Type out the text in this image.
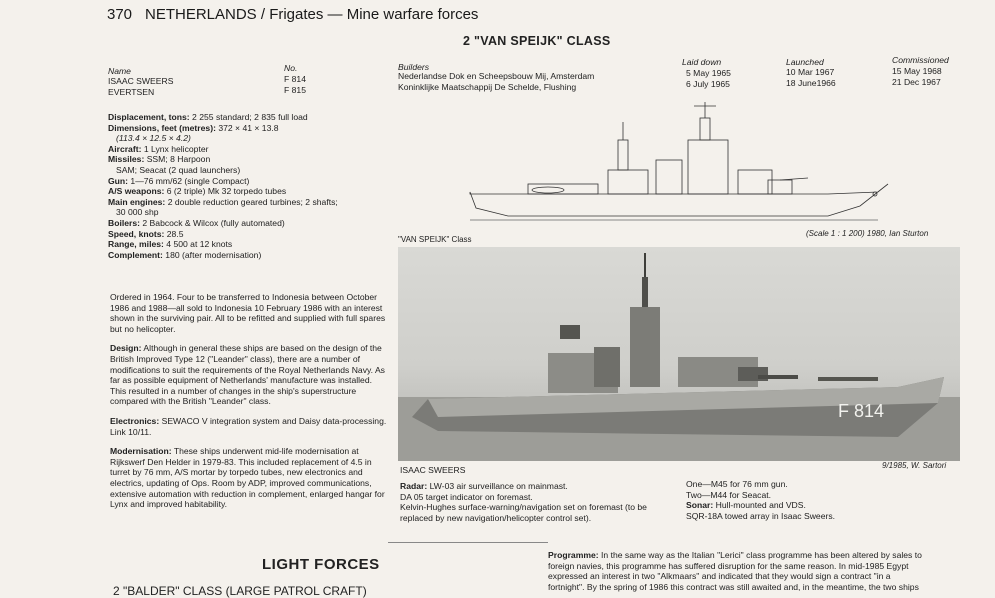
370 NETHERLANDS / Frigates — Mine warfare forces
2 "VAN SPEIJK" CLASS
Name	No.	Builders	Laid down	Launched	Commissioned
ISAAC SWEERS	F 814	Nederlandse Dok en Scheepsbouw Mij, Amsterdam	5 May 1965	10 Mar 1967	15 May 1968
EVERTSEN	F 815	Koninklijke Maatschappij De Schelde, Flushing	6 July 1965	18 June1966	21 Dec 1967
Displacement, tons: 2 255 standard; 2 835 full load
Dimensions, feet (metres): 372 × 41 × 13.8
(113.4 × 12.5 × 4.2)
Aircraft: 1 Lynx helicopter
Missiles: SSM; 8 Harpoon
SAM; Seacat (2 quad launchers)
Gun: 1—76 mm/62 (single Compact)
A/S weapons: 6 (2 triple) Mk 32 torpedo tubes
Main engines: 2 double reduction geared turbines; 2 shafts;
30 000 shp
Boilers: 2 Babcock & Wilcox (fully automated)
Speed, knots: 28.5
Range, miles: 4 500 at 12 knots
Complement: 180 (after modernisation)

Ordered in 1964. Four to be transferred to Indonesia between October 1986 and 1988—all sold to Indonesia 10 February 1986 with an interest shown in the surviving pair. All to be refitted and supplied with full spares but no helicopter.

Design: Although in general these ships are based on the design of the British Improved Type 12 ("Leander" class), there are a number of modifications to suit the requirements of the Royal Netherlands Navy. As far as possible equipment of Netherlands' manufacture was installed. This resulted in a number of changes in the ship's superstructure compared with the British "Leander" class.

Electronics: SEWACO V integration system and Daisy data-processing. Link 10/11.

Modernisation: These ships underwent mid-life modernisation at Rijkswerf Den Helder in 1979-83. This included replacement of 4.5 in turret by 76 mm, A/S mortar by torpedo tubes, new electronics and electrics, updating of Ops. Room by ADP, improved communications, extensive automation with reduction in complement, enlarged hangar for Lynx and improved habitability.

"VAN SPEIJK" Class
(Scale 1 : 1 200) 1980, Ian Sturton
F 814
ISAAC SWEERS	9/1985, W. Sartori
Radar: LW-03 air surveillance on mainmast.
DA 05 target indicator on foremast.
Kelvin-Hughes surface-warning/navigation set on foremast (to be
replaced by new navigation/helicopter control set).
One—M45 for 76 mm gun.
Two—M44 for Seacat.
Sonar: Hull-mounted and VDS.
SQR-18A towed array in Isaac Sweers.
LIGHT FORCES
2 "BALDER" CLASS (LARGE PATROL CRAFT)
Programme: In the same way as the Italian "Lerici" class programme has been altered by sales to
foreign navies, this programme has suffered disruption for the same reason. In mid-1985 Egypt
expressed an interest in two "Alkmaars" and indicated that they would sign a contract "in a
fortnight". By the spring of 1986 this contract was still awaited and, in the meantime, the two ships
